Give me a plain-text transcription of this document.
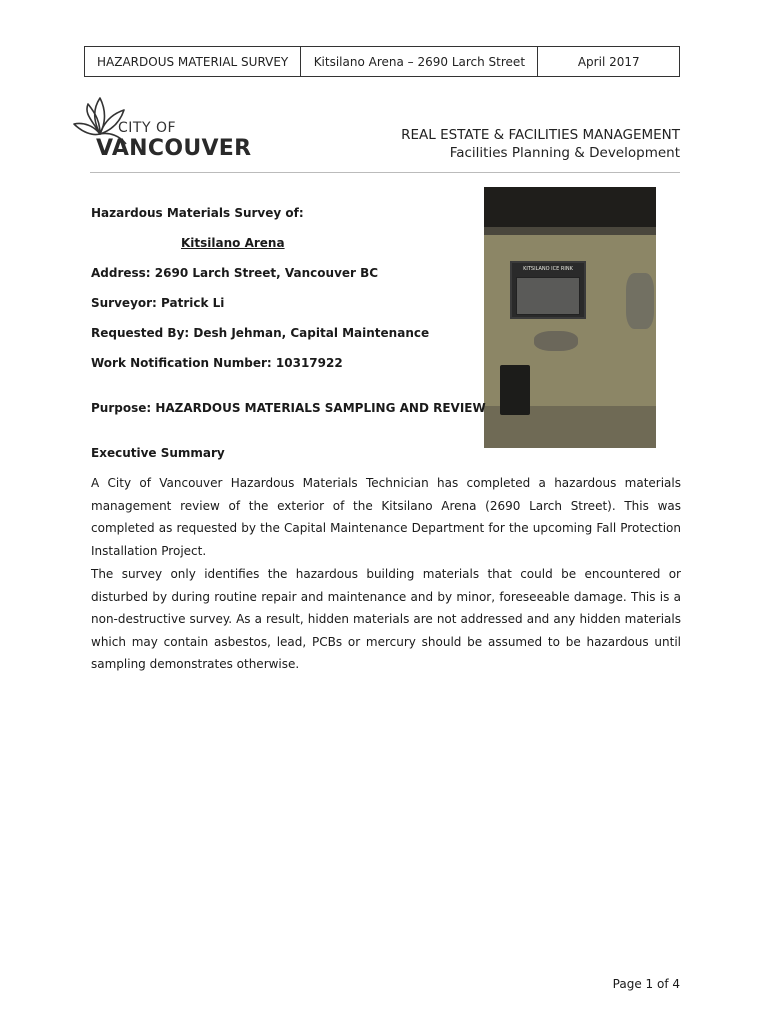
HAZARDOUS MATERIAL SURVEY	Kitsilano Arena – 2690 Larch Street	April 2017
CITY OF
VANCOUVER
REAL ESTATE & FACILITIES MANAGEMENT
Facilities Planning & Development
KITSILANO ICE RINK
Hazardous Materials Survey of:
Kitsilano Arena
Address: 2690 Larch Street, Vancouver BC
Surveyor: Patrick Li
Requested By: Desh Jehman, Capital Maintenance
Work Notification Number: 10317922
Purpose: HAZARDOUS MATERIALS SAMPLING AND REVIEW
Executive Summary
A City of Vancouver Hazardous Materials Technician has completed a hazardous materials management review of the exterior of the Kitsilano Arena (2690 Larch Street). This was completed as requested by the Capital Maintenance Department for the upcoming Fall Protection Installation Project.
The survey only identifies the hazardous building materials that could be encountered or disturbed by during routine repair and maintenance and by minor, foreseeable damage. This is a non-destructive survey. As a result, hidden materials are not addressed and any hidden materials which may contain asbestos, lead, PCBs or mercury should be assumed to be hazardous until sampling demonstrates otherwise.
Page 1 of 4
